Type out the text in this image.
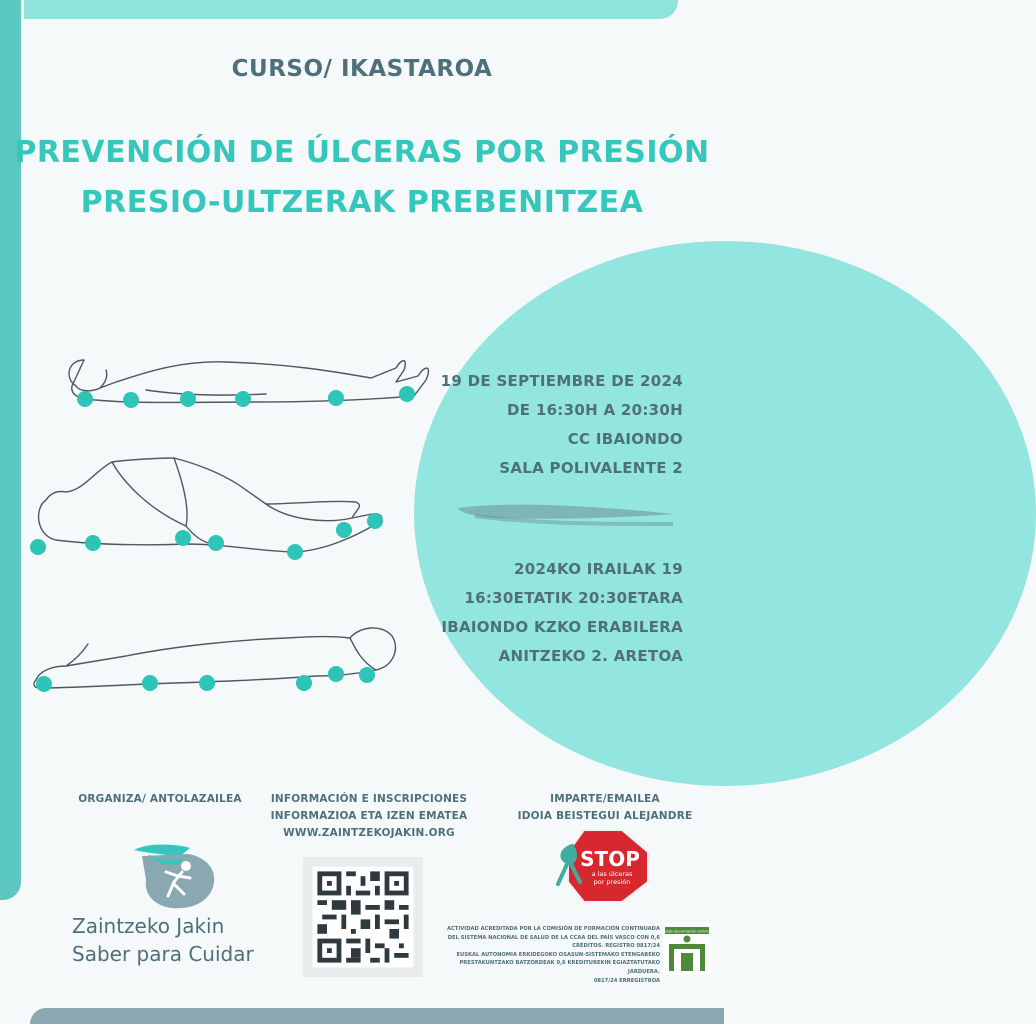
CURSO/ IKASTAROA
PREVENCIÓN DE ÚLCERAS POR PRESIÓN
PRESIO-ULTZERAK PREBENITZEA
19 DE SEPTIEMBRE DE 2024
DE 16:30H A 20:30H
CC IBAIONDO
SALA POLIVALENTE 2
2024KO IRAILAK 19
16:30ETATIK 20:30ETARA
IBAIONDO KZKO ERABILERA
ANITZEKO 2. ARETOA
ORGANIZA/ ANTOLAZAILEA	INFORMACIÓN E INSCRIPCIONES
INFORMAZIOA ETA IZEN EMATEA
WWW.ZAINTZEKOJAKIN.ORG
IMPARTE/EMAILEA
IDOIA BEISTEGUI ALEJANDRE
Zaintzeko Jakin
Saber para Cuidar
STOP
a las úlceras
por presión
ACTIVIDAD ACREDITADA POR LA COMISIÓN DE FORMACIÓN CONTINUADA
DEL SISTEMA NACIONAL DE SALUD DE LA CCAA DEL PAÍS VASCO CON 0,6
CRÉDITOS. REGISTRO 0817/24
EUSKAL AUTONOMIA ERKIDEGOKO OSASUN-SISTEMAKO ETENGABEKO
PRESTAKUNTZAKO BATZORDEAK 0,6 KREDITUREKIN EGIAZTATUTAKO JARDUERA.
0817/24 ERREGISTROA
Comisión de Formación Continuada
